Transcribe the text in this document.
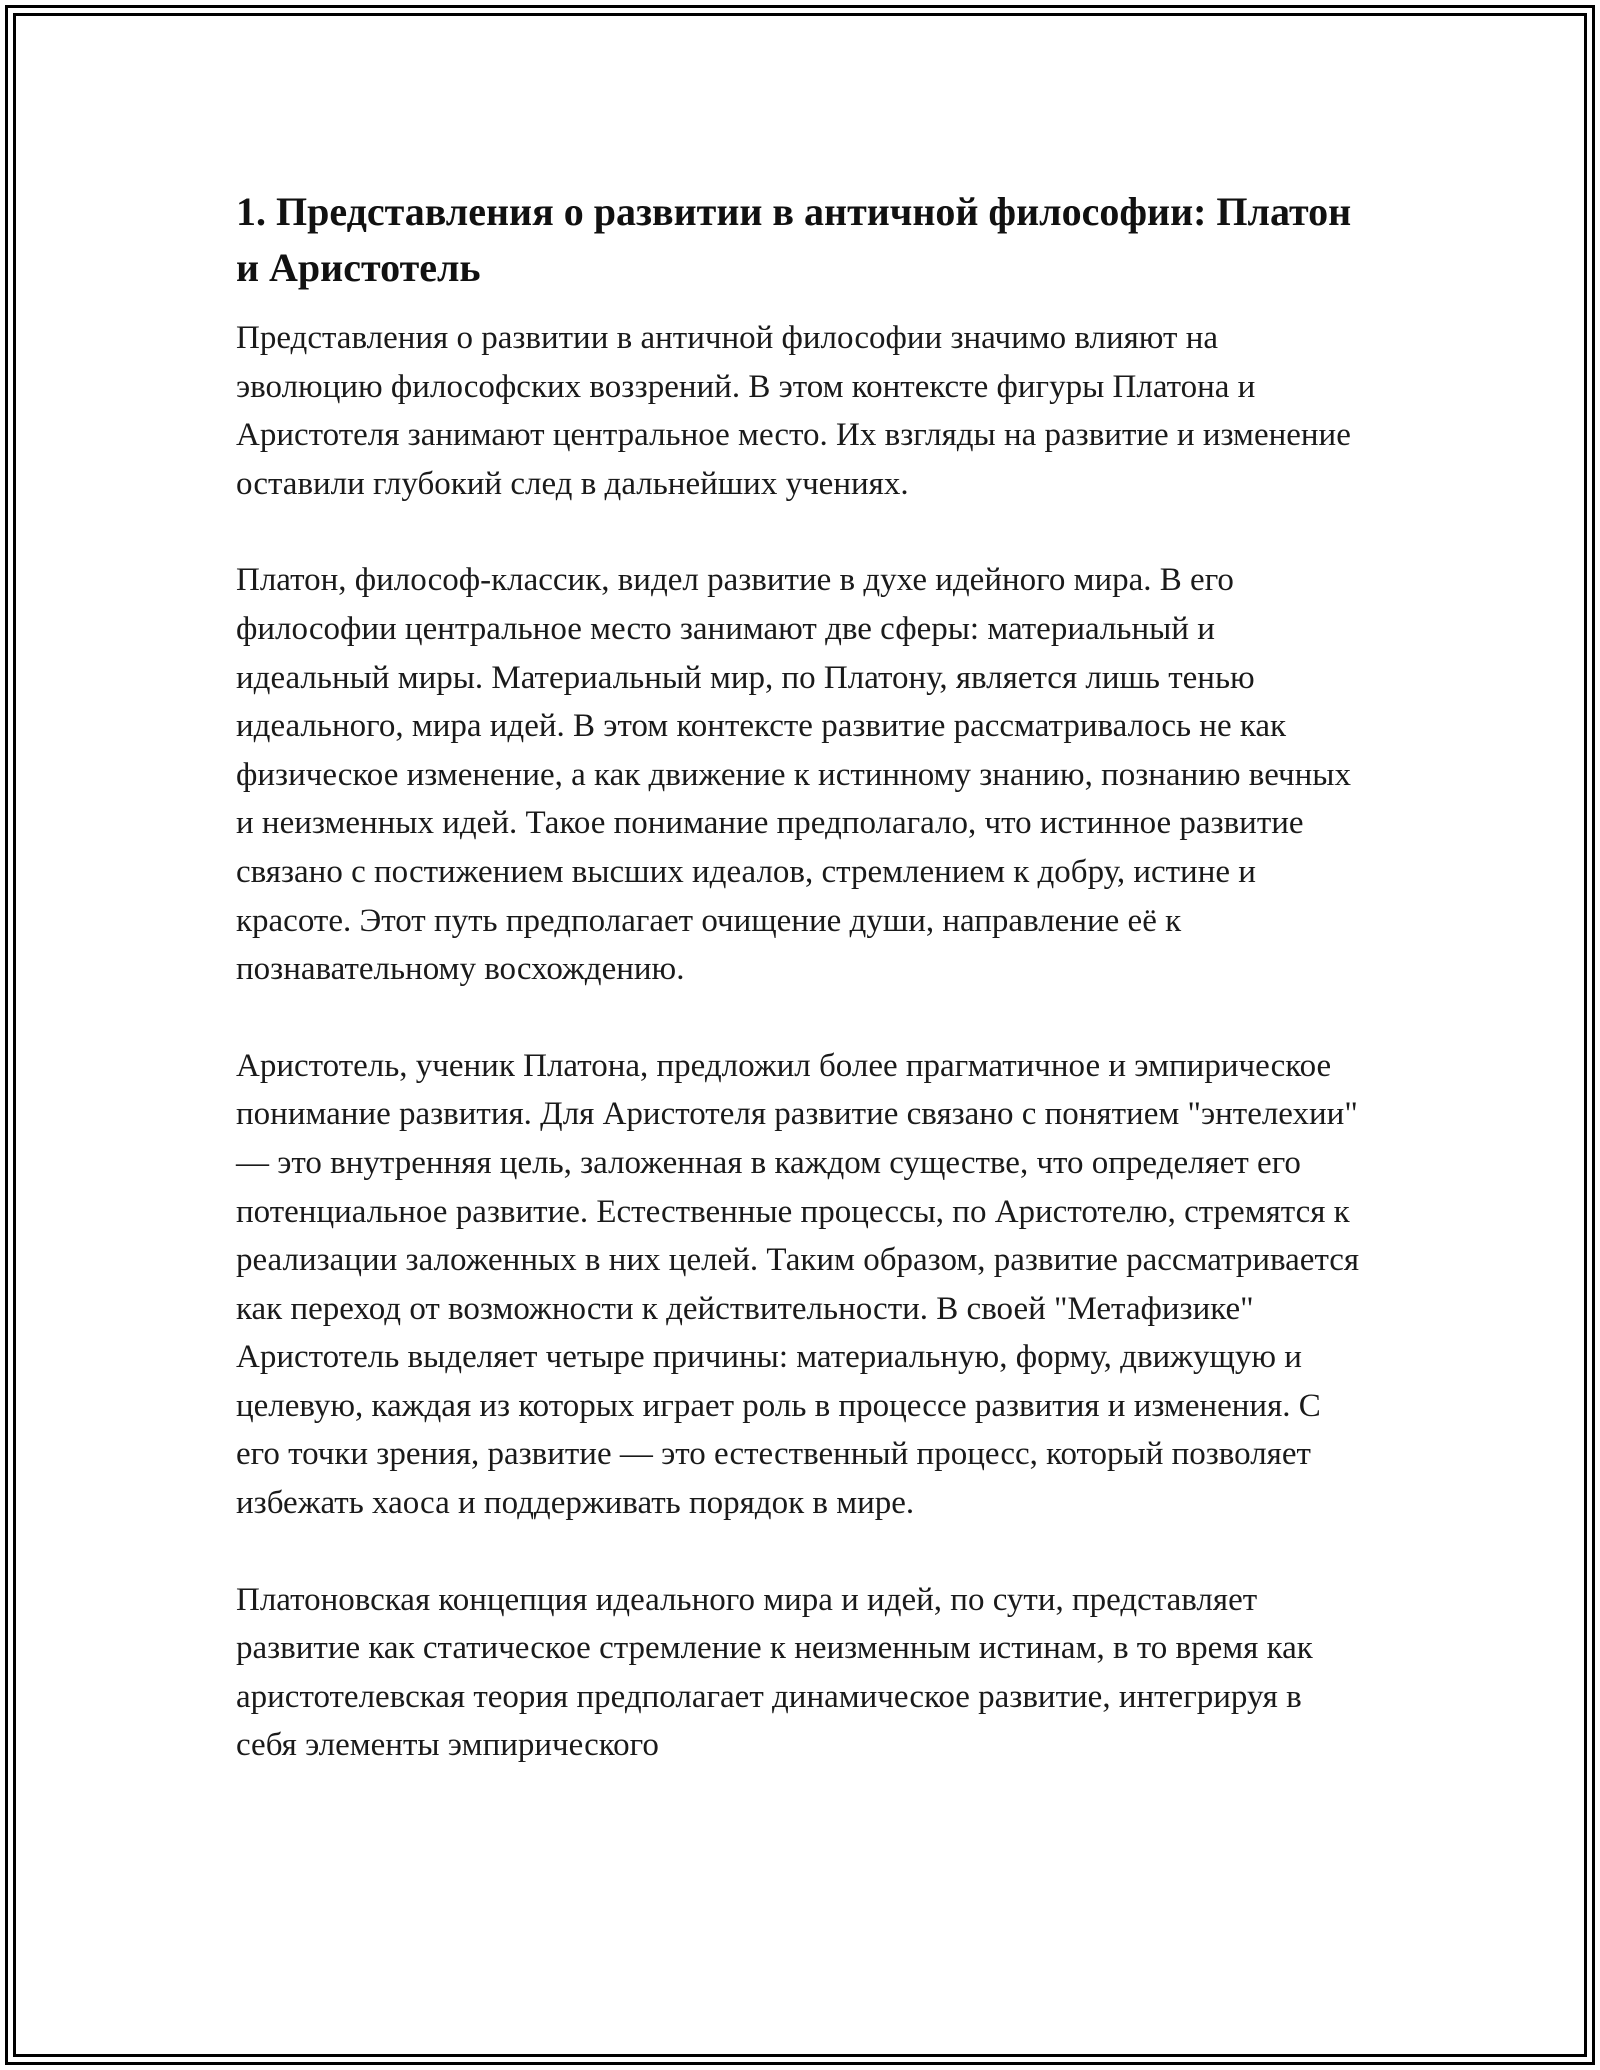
1. Представления о развитии в античной философии: Платон и Аристотель

Представления о развитии в античной философии значимо влияют на эволюцию философских воззрений. В этом контексте фигуры Платона и Аристотеля занимают центральное место. Их взгляды на развитие и изменение оставили глубокий след в дальнейших учениях.

Платон, философ-классик, видел развитие в духе идейного мира. В его философии центральное место занимают две сферы: материальный и идеальный миры. Материальный мир, по Платону, является лишь тенью идеального, мира идей. В этом контексте развитие рассматривалось не как физическое изменение, а как движение к истинному знанию, познанию вечных и неизменных идей. Такое понимание предполагало, что истинное развитие связано с постижением высших идеалов, стремлением к добру, истине и красоте. Этот путь предполагает очищение души, направление её к познавательному восхождению.

Аристотель, ученик Платона, предложил более прагматичное и эмпирическое понимание развития. Для Аристотеля развитие связано с понятием "энтелехии" — это внутренняя цель, заложенная в каждом существе, что определяет его потенциальное развитие. Естественные процессы, по Аристотелю, стремятся к реализации заложенных в них целей. Таким образом, развитие рассматривается как переход от возможности к действительности. В своей "Метафизике" Аристотель выделяет четыре причины: материальную, форму, движущую и целевую, каждая из которых играет роль в процессе развития и изменения. С его точки зрения, развитие — это естественный процесс, который позволяет избежать хаоса и поддерживать порядок в мире.

Платоновская концепция идеального мира и идей, по сути, представляет развитие как статическое стремление к неизменным истинам, в то время как аристотелевская теория предполагает динамическое развитие, интегрируя в себя элементы эмпирического
